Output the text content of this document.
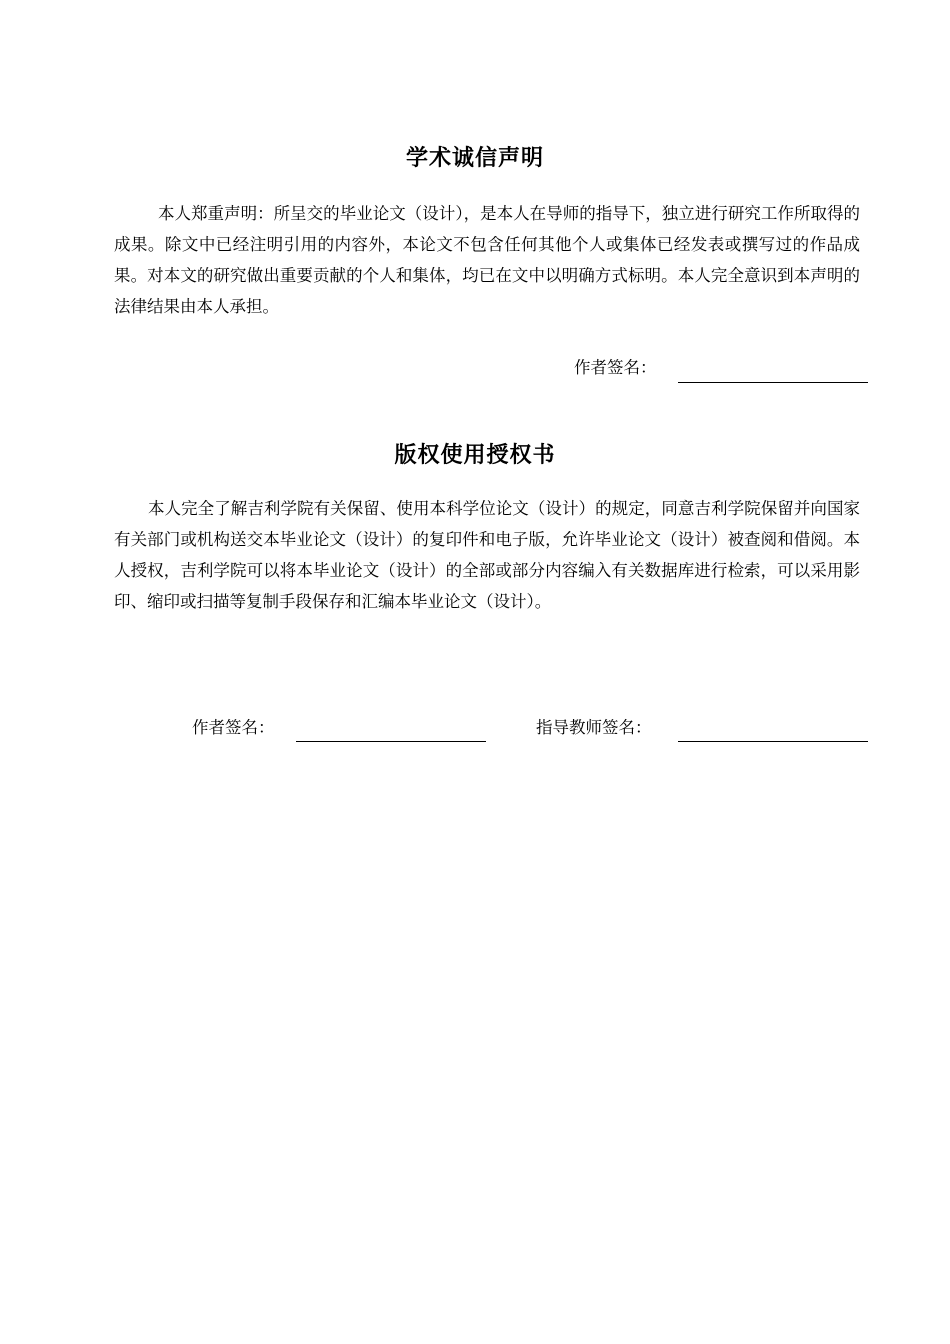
学术诚信声明

本人郑重声明：所呈交的毕业论文（设计），是本人在导师的指导下，独立进行研究工作所取得的成果。除文中已经注明引用的内容外，本论文不包含任何其他个人或集体已经发表或撰写过的作品成果。对本文的研究做出重要贡献的个人和集体，均已在文中以明确方式标明。本人完全意识到本声明的法律结果由本人承担。

作者签名：
版权使用授权书

本人完全了解吉利学院有关保留、使用本科学位论文（设计）的规定，同意吉利学院保留并向国家有关部门或机构送交本毕业论文（设计）的复印件和电子版，允许毕业论文（设计）被查阅和借阅。本人授权，吉利学院可以将本毕业论文（设计）的全部或部分内容编入有关数据库进行检索，可以采用影印、缩印或扫描等复制手段保存和汇编本毕业论文（设计）。

作者签名：	指导教师签名：
